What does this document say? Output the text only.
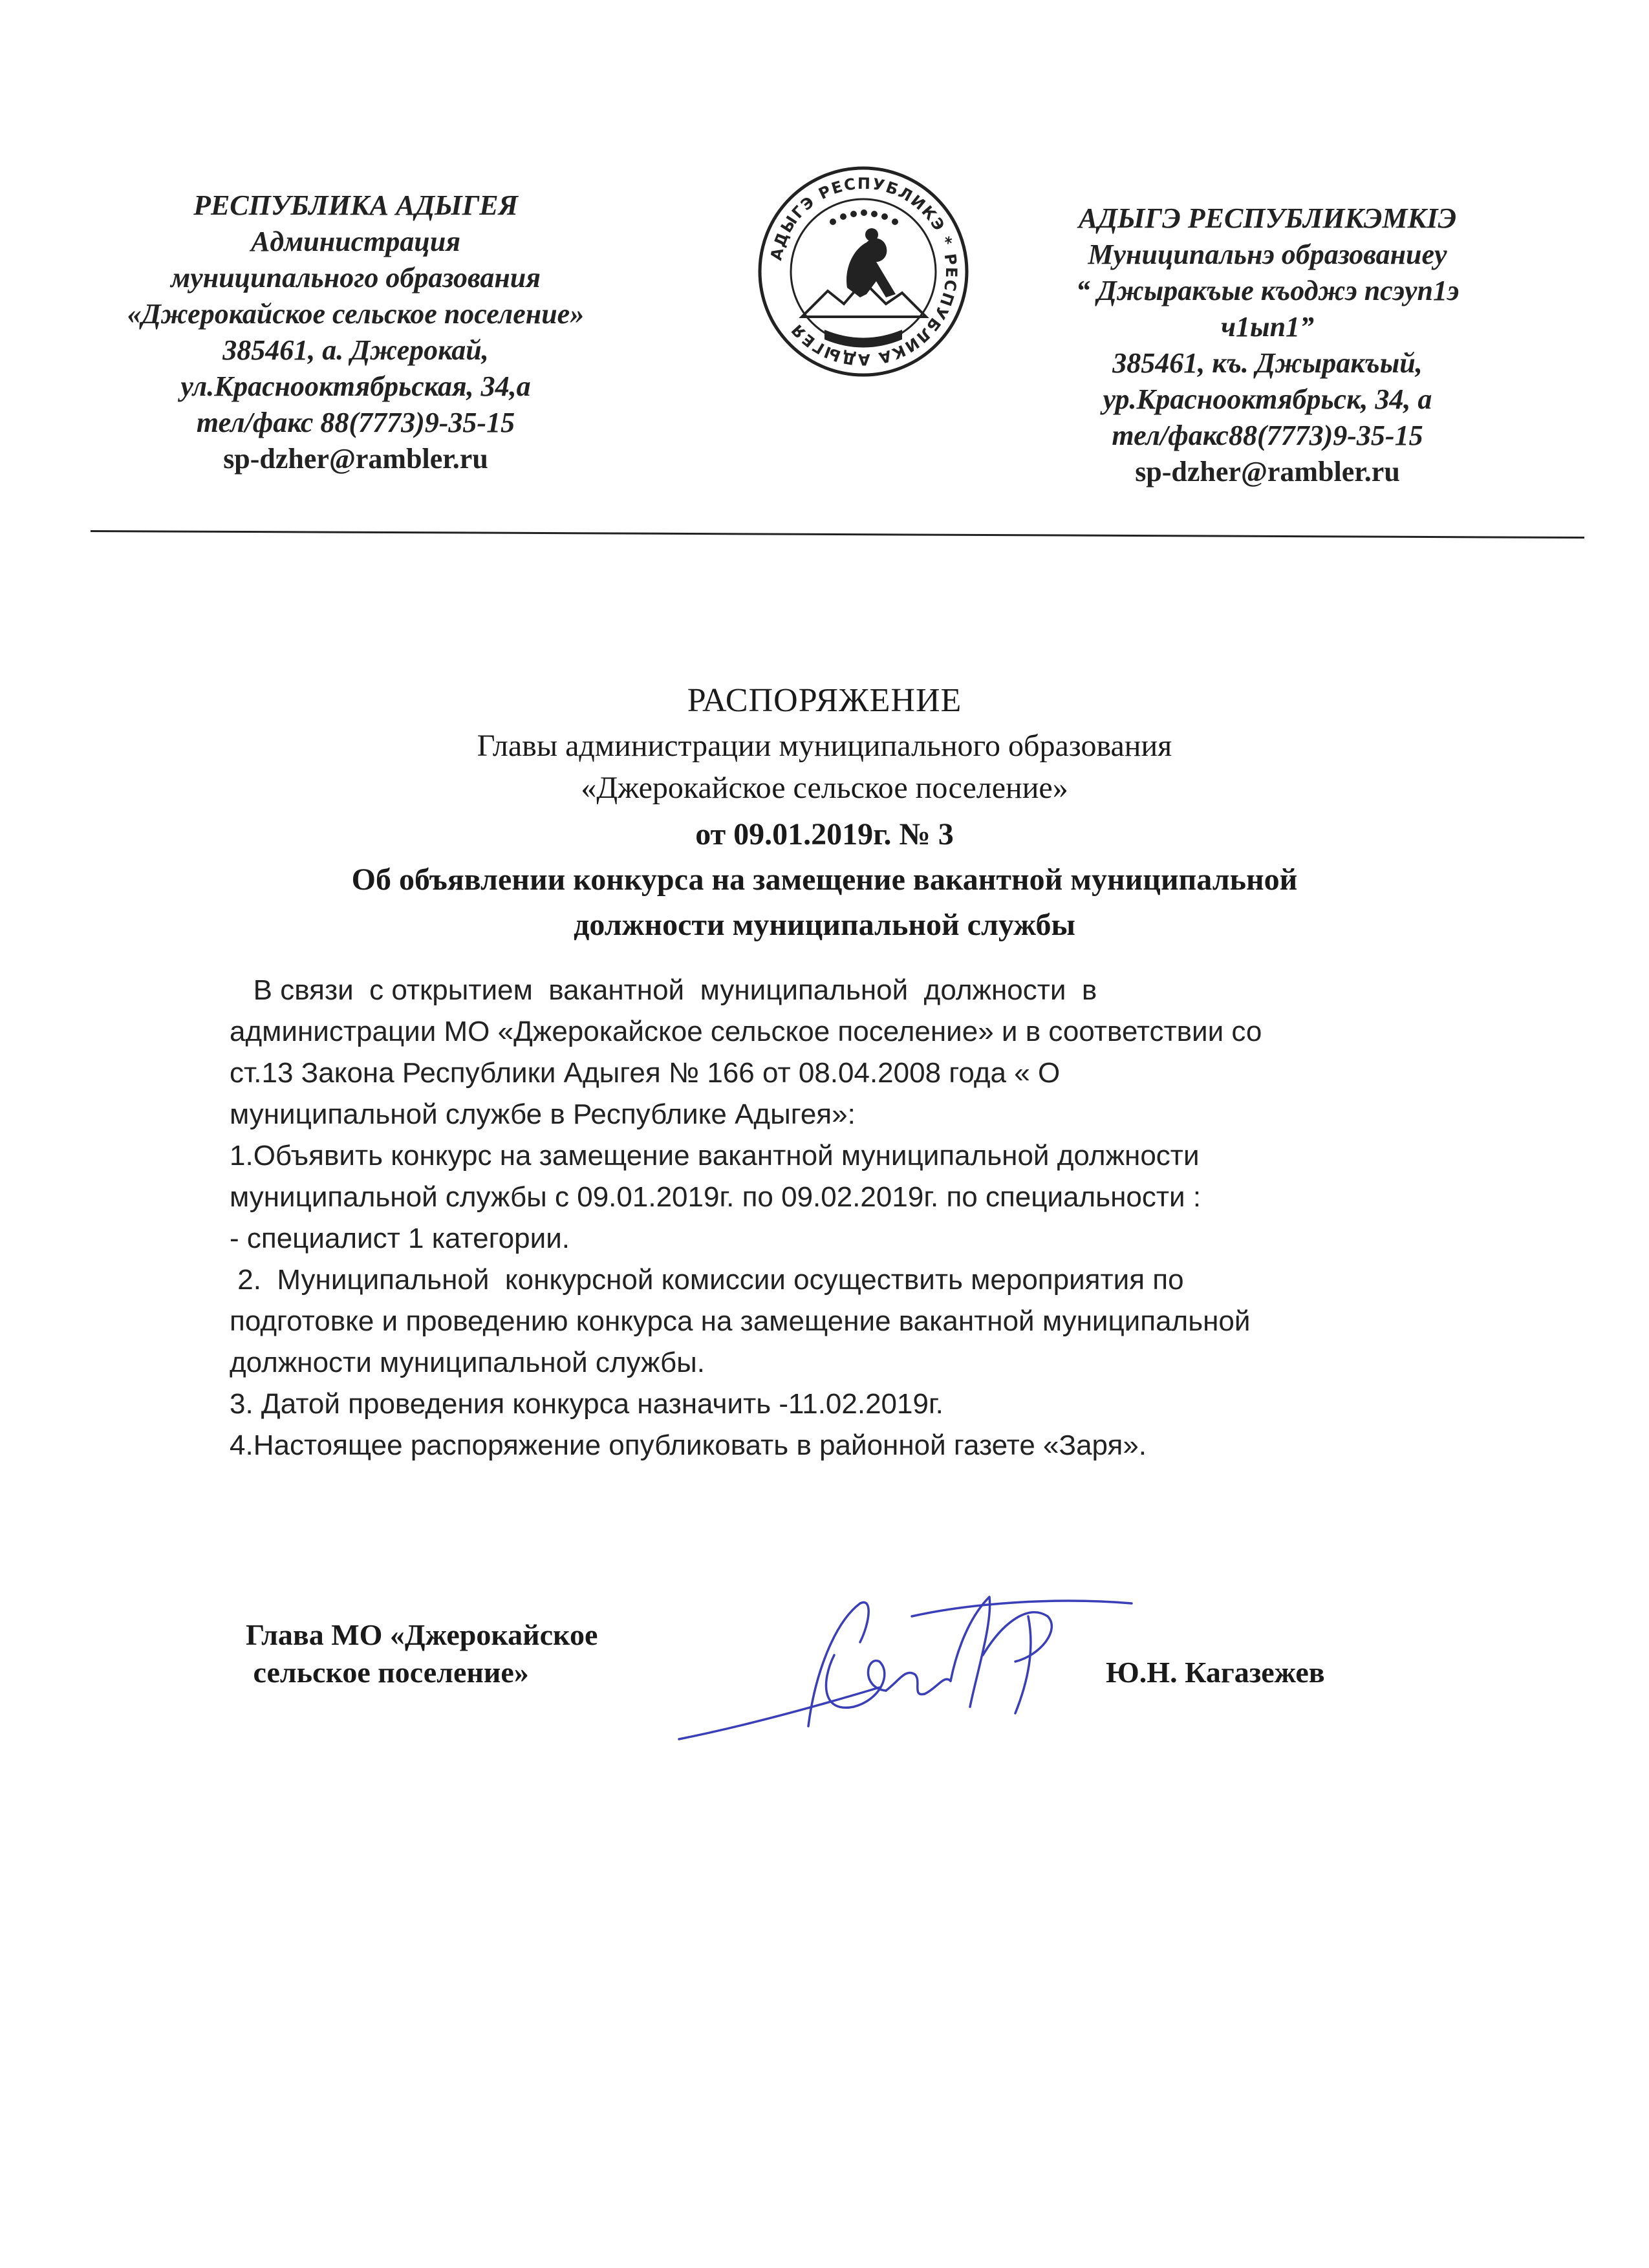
РЕСПУБЛИКА АДЫГЕЯ
Администрация
муниципального образования
«Джерокайское сельское поселение»
385461, а. Джерокай,
ул.Краснооктябрьская, 34,а
тел/факс 88(7773)9-35-15
sp-dzher@rambler.ru
АДЫГЭ РЕСПУБЛИКЭ * РЕСПУБЛИКА АДЫГЕЯ
АДЫГЭ РЕСПУБЛИКЭМКIЭ
Муниципальнэ образованиеу
“ Джыракъые къоджэ псэуп1э
ч1ып1”
385461, къ. Джыракъый,
ур.Краснооктябрьск, 34, а
тел/факс88(7773)9-35-15
sp-dzher@rambler.ru
РАСПОРЯЖЕНИЕ
Главы администрации муниципального образования
«Джерокайское сельское поселение»
от 09.01.2019г. № 3
Об объявлении конкурса на замещение вакантной муниципальной
должности муниципальной службы
В связи  с открытием  вакантной  муниципальной  должности  в
администрации МО «Джерокайское сельское поселение» и в соответствии со
ст.13 Закона Республики Адыгея № 166 от 08.04.2008 года « О
муниципальной службе в Республике Адыгея»:
1.Объявить конкурс на замещение вакантной муниципальной должности
муниципальной службы с 09.01.2019г. по 09.02.2019г. по специальности :
- специалист 1 категории.
2.  Муниципальной  конкурсной комиссии осуществить мероприятия по
подготовке и проведению конкурса на замещение вакантной муниципальной
должности муниципальной службы.
3. Датой проведения конкурса назначить -11.02.2019г.
4.Настоящее распоряжение опубликовать в районной газете «Заря».
Глава МО «Джерокайское
сельское поселение»	Ю.Н. Кагазежев
